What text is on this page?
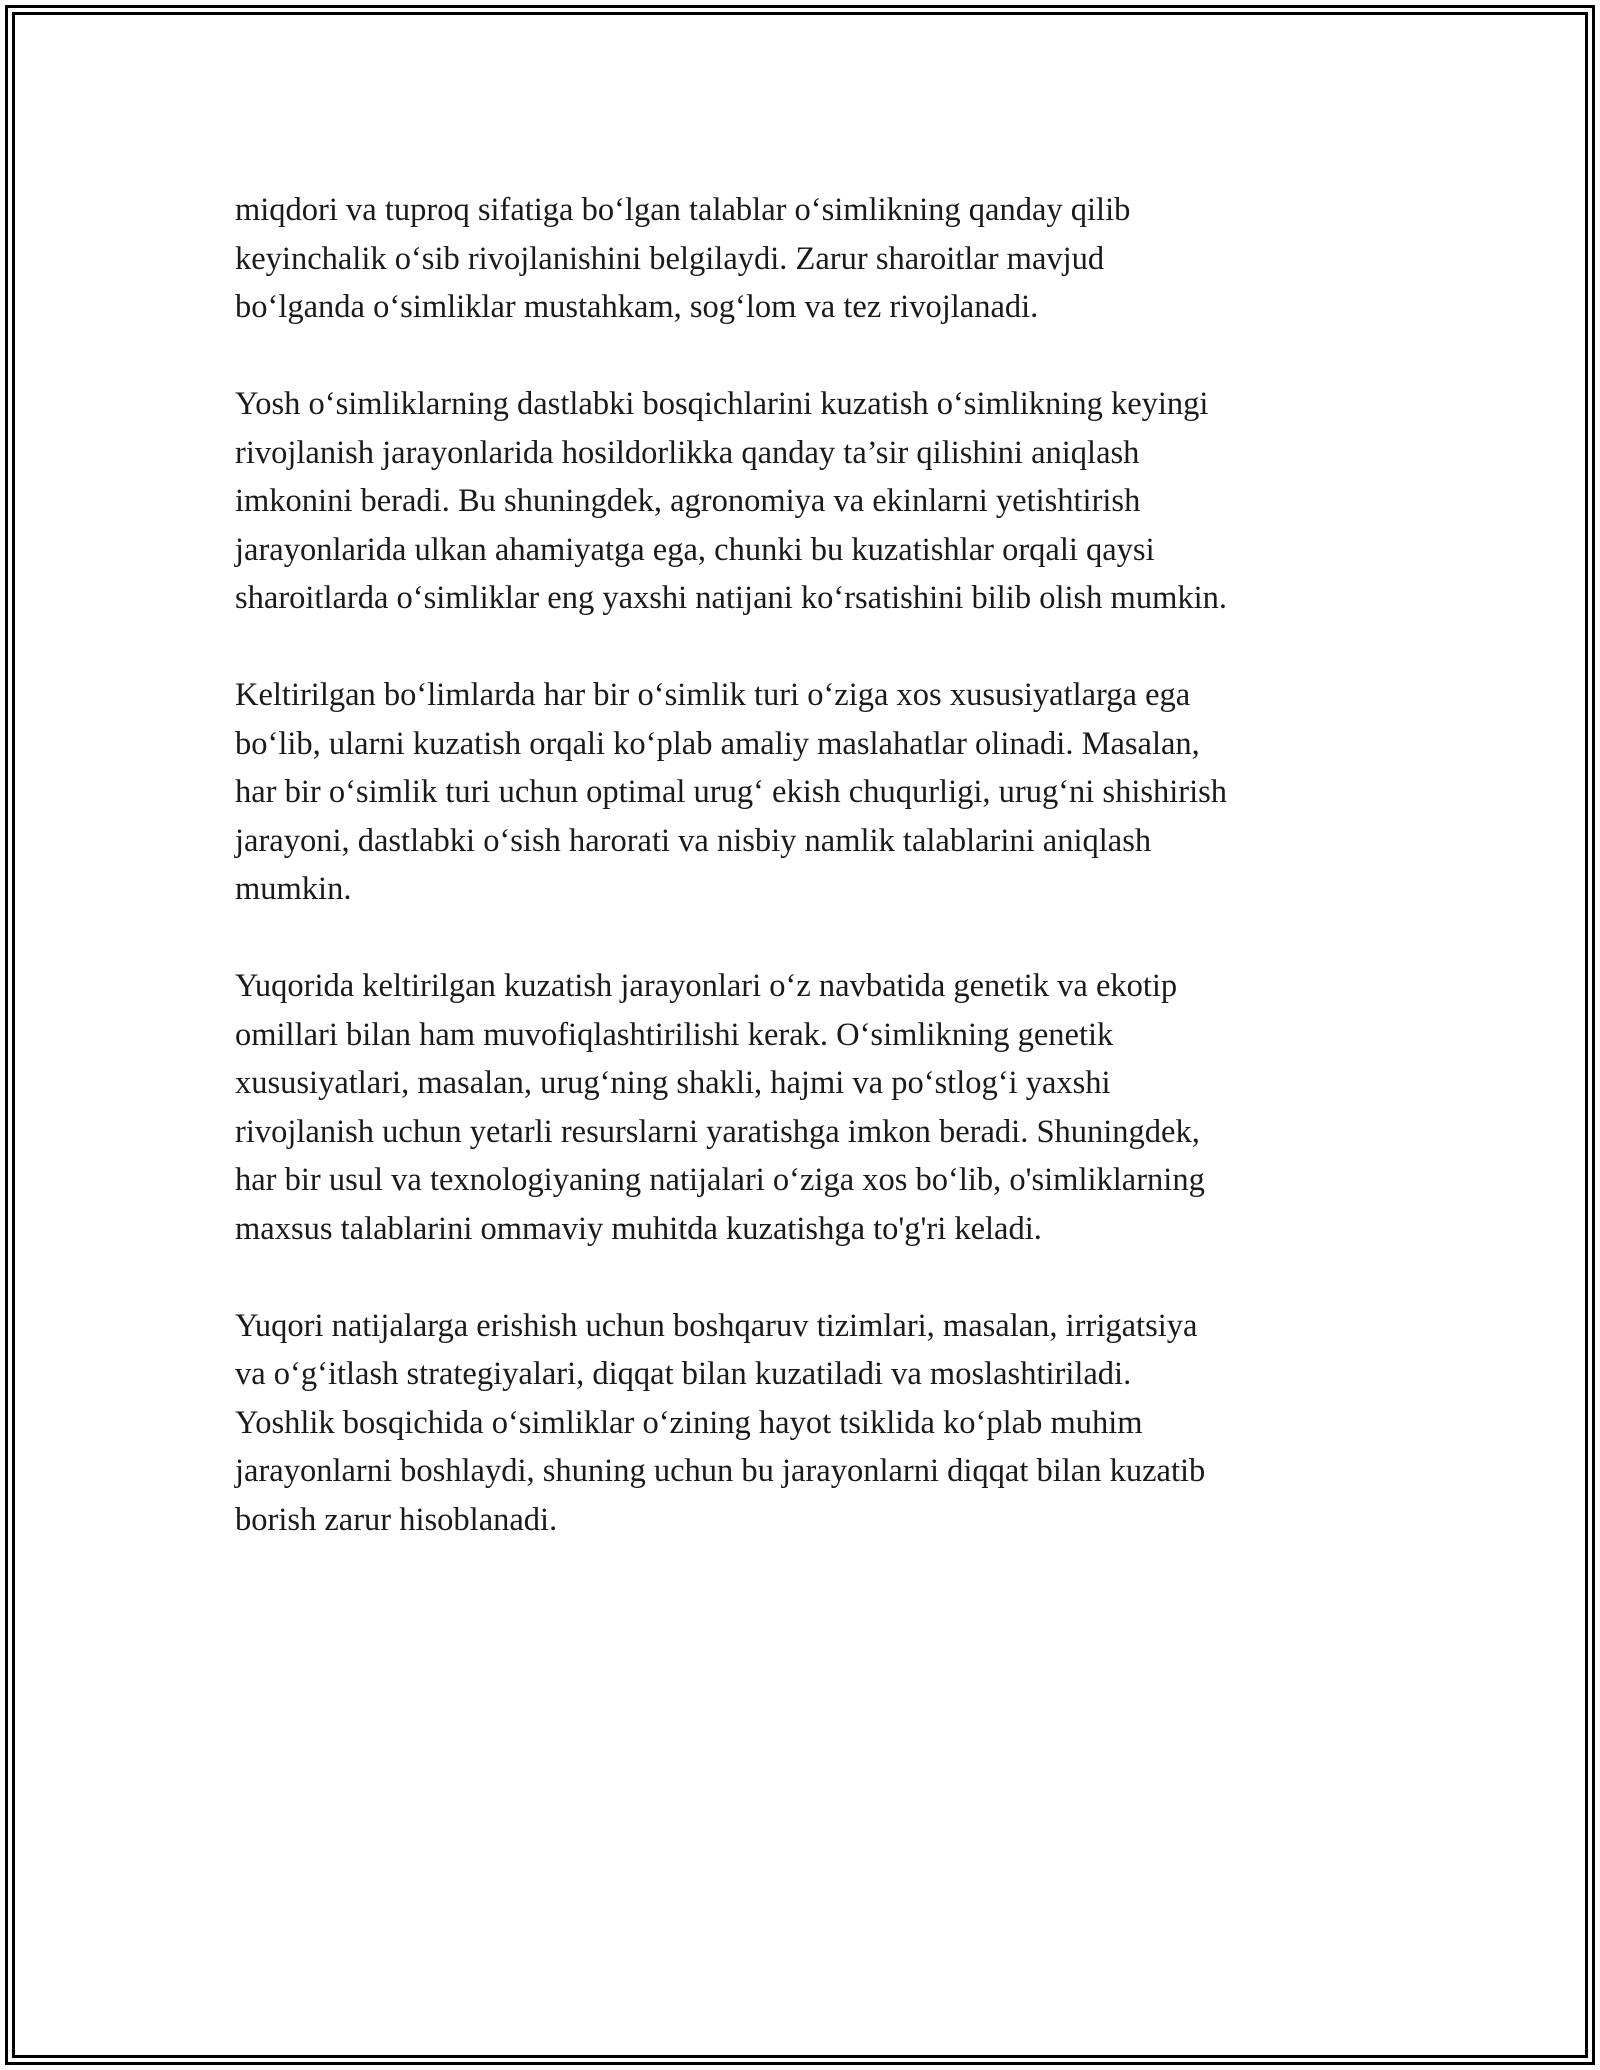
miqdori va tuproq sifatiga bo‘lgan talablar o‘simlikning qanday qilib
keyinchalik o‘sib rivojlanishini belgilaydi. Zarur sharoitlar mavjud
bo‘lganda o‘simliklar mustahkam, sog‘lom va tez rivojlanadi.

Yosh o‘simliklarning dastlabki bosqichlarini kuzatish o‘simlikning keyingi
rivojlanish jarayonlarida hosildorlikka qanday ta’sir qilishini aniqlash
imkonini beradi. Bu shuningdek, agronomiya va ekinlarni yetishtirish
jarayonlarida ulkan ahamiyatga ega, chunki bu kuzatishlar orqali qaysi
sharoitlarda o‘simliklar eng yaxshi natijani ko‘rsatishini bilib olish mumkin.

Keltirilgan bo‘limlarda har bir o‘simlik turi o‘ziga xos xususiyatlarga ega
bo‘lib, ularni kuzatish orqali ko‘plab amaliy maslahatlar olinadi. Masalan,
har bir o‘simlik turi uchun optimal urug‘ ekish chuqurligi, urug‘ni shishirish
jarayoni, dastlabki o‘sish harorati va nisbiy namlik talablarini aniqlash
mumkin.

Yuqorida keltirilgan kuzatish jarayonlari o‘z navbatida genetik va ekotip
omillari bilan ham muvofiqlashtirilishi kerak. O‘simlikning genetik
xususiyatlari, masalan, urug‘ning shakli, hajmi va po‘stlog‘i yaxshi
rivojlanish uchun yetarli resurslarni yaratishga imkon beradi. Shuningdek,
har bir usul va texnologiyaning natijalari o‘ziga xos bo‘lib, o'simliklarning
maxsus talablarini ommaviy muhitda kuzatishga to'g'ri keladi.

Yuqori natijalarga erishish uchun boshqaruv tizimlari, masalan, irrigatsiya
va o‘g‘itlash strategiyalari, diqqat bilan kuzatiladi va moslashtiriladi.
Yoshlik bosqichida o‘simliklar o‘zining hayot tsiklida ko‘plab muhim
jarayonlarni boshlaydi, shuning uchun bu jarayonlarni diqqat bilan kuzatib
borish zarur hisoblanadi.
